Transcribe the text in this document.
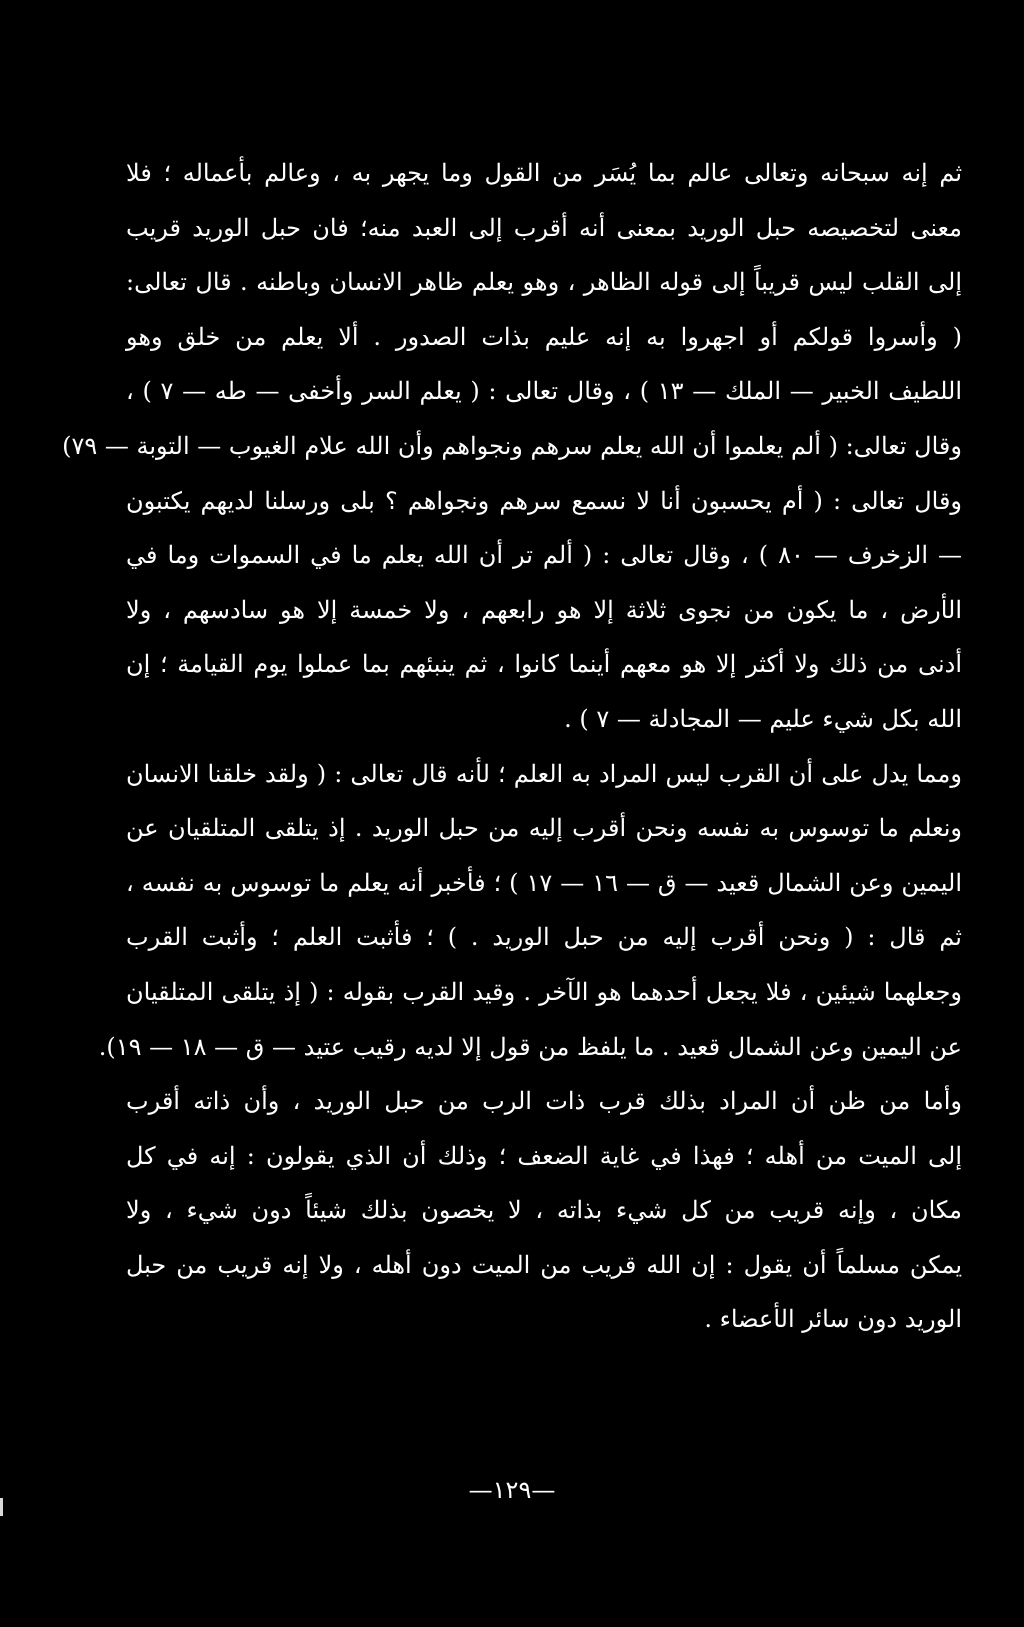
ثم إنه سبحانه وتعالى عالم بما يُسَر من القول وما يجهر به ، وعالم بأعماله ؛ فلا
معنى لتخصيصه حبل الوريد بمعنى أنه أقرب إلى العبد منه؛ فان حبل الوريد قريب
إلى القلب ليس قريباً إلى قوله الظاهر ، وهو يعلم ظاهر الانسان وباطنه . قال تعالى:
( وأسروا قولكم أو اجهروا به إنه عليم بذات الصدور . ألا يعلم من خلق وهو
اللطيف الخبير — الملك — ١٣ ) ، وقال تعالى : ( يعلم السر وأخفى — طه — ٧ ) ،
وقال تعالى: ( ألم يعلموا أن الله يعلم سرهم ونجواهم وأن الله علام الغيوب — التوبة — ٧٩)
وقال تعالى : ( أم يحسبون أنا لا نسمع سرهم ونجواهم ؟ بلى ورسلنا لديهم يكتبون
— الزخرف — ٨٠ ) ، وقال تعالى : ( ألم تر أن الله يعلم ما في السموات وما في
الأرض ، ما يكون من نجوى ثلاثة إلا هو رابعهم ، ولا خمسة إلا هو سادسهم ، ولا
أدنى من ذلك ولا أكثر إلا هو معهم أينما كانوا ، ثم ينبئهم بما عملوا يوم القيامة ؛ إن
الله بكل شيء عليم — المجادلة — ٧ ) .
ومما يدل على أن القرب ليس المراد به العلم ؛ لأنه قال تعالى : ( ولقد خلقنا الانسان
ونعلم ما توسوس به نفسه ونحن أقرب إليه من حبل الوريد . إذ يتلقى المتلقيان عن
اليمين وعن الشمال قعيد — ق — ١٦ — ١٧ ) ؛ فأخبر أنه يعلم ما توسوس به نفسه ،
ثم قال : ( ونحن أقرب إليه من حبل الوريد . ) ؛ فأثبت العلم ؛ وأثبت القرب
وجعلهما شيئين ، فلا يجعل أحدهما هو الآخر . وقيد القرب بقوله : ( إذ يتلقى المتلقيان
عن اليمين وعن الشمال قعيد . ما يلفظ من قول إلا لديه رقيب عتيد — ق — ١٨ — ١٩).
وأما من ظن أن المراد بذلك قرب ذات الرب من حبل الوريد ، وأن ذاته أقرب
إلى الميت من أهله ؛ فهذا في غاية الضعف ؛ وذلك أن الذي يقولون : إنه في كل
مكان ، وإنه قريب من كل شيء بذاته ، لا يخصون بذلك شيئاً دون شيء ، ولا
يمكن مسلماً أن يقول : إن الله قريب من الميت دون أهله ، ولا إنه قريب من حبل
الوريد دون سائر الأعضاء .
—١٢٩—
